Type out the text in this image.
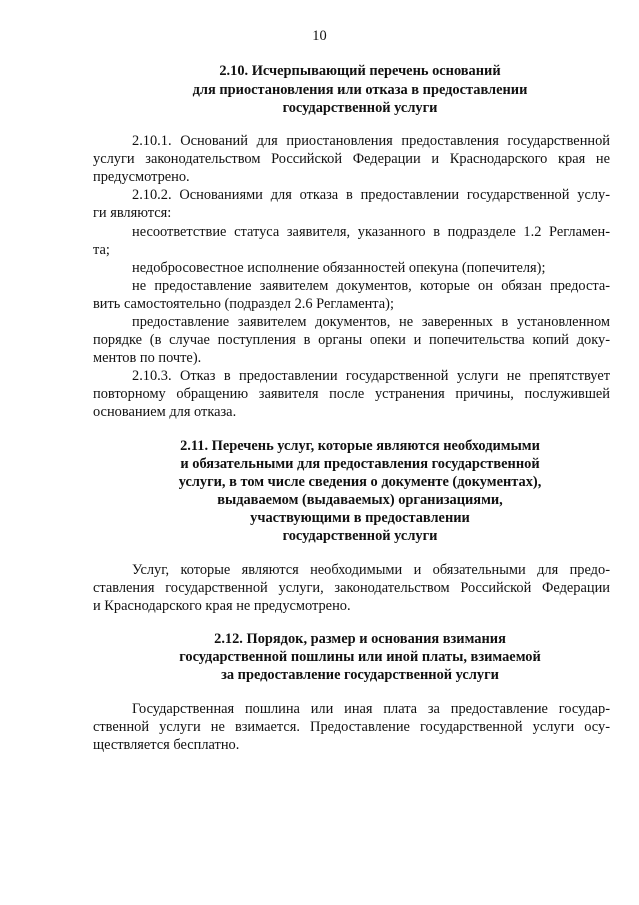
10
2.10. Исчерпывающий перечень оснований
для приостановления или отказа в предоставлении
государственной услуги
2.10.1. Оснований для приостановления предоставления государственной
услуги законодательством Российской Федерации и Краснодарского края не
предусмотрено.
2.10.2. Основаниями для отказа в предоставлении государственной услу-
ги являются:
несоответствие статуса заявителя, указанного в подразделе 1.2 Регламен-
та;
недобросовестное исполнение обязанностей опекуна (попечителя);
не предоставление заявителем документов, которые он обязан предоста-
вить самостоятельно (подраздел 2.6 Регламента);
предоставление заявителем документов, не заверенных в установленном
порядке (в случае поступления в органы опеки и попечительства копий доку-
ментов по почте).
2.10.3. Отказ в предоставлении государственной услуги не препятствует
повторному обращению заявителя после устранения причины, послужившей
основанием для отказа.
2.11. Перечень услуг, которые являются необходимыми
и обязательными для предоставления государственной
услуги, в том числе сведения о документе (документах),
выдаваемом (выдаваемых) организациями,
участвующими в предоставлении
государственной услуги
Услуг, которые являются необходимыми и обязательными для предо-
ставления государственной услуги, законодательством Российской Федерации
и Краснодарского края не предусмотрено.
2.12. Порядок, размер и основания взимания
государственной пошлины или иной платы, взимаемой
за предоставление государственной услуги
Государственная пошлина или иная плата за предоставление государ-
ственной услуги не взимается. Предоставление государственной услуги осу-
ществляется бесплатно.
